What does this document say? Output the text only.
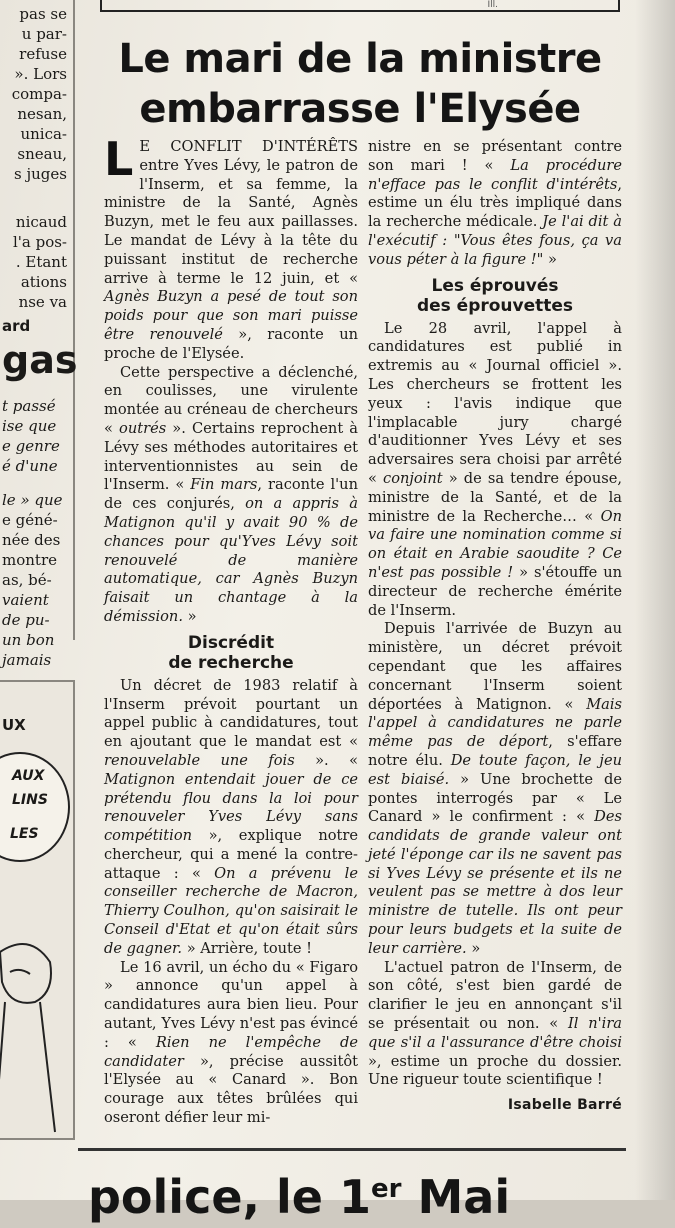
Ill.
pas se
u par-
refuse
». Lors
compa-
nesan,
unica-
sneau,
s juges
nicaud
l'a pos-
. Etant
ations
nse va
ard
gas
t passé
ise que
e genre
é d'une
le » que
e géné-
née des
montre
as, bé-
vaient
de pu-
un bon
jamais
UX
AUX
LINS
LES
Le mari de la ministre
embarrasse l'Elysée

L E CONFLIT D'INTÉRÊTS entre Yves Lévy, le patron de l'Inserm, et sa femme, la ministre de la Santé, Agnès Buzyn, met le feu aux paillasses. Le mandat de Lévy à la tête du puissant institut de recherche arrive à terme le 12 juin, et « Agnès Buzyn a pesé de tout son poids pour que son mari puisse être renouvelé », raconte un proche de l'Elysée.

Cette perspective a déclenché, en coulisses, une virulente montée au créneau de chercheurs « outrés ». Certains reprochent à Lévy ses méthodes autoritaires et interventionnistes au sein de l'Inserm. « Fin mars, raconte l'un de ces conjurés, on a appris à Matignon qu'il y avait 90 % de chances pour qu'Yves Lévy soit renouvelé de manière automatique, car Agnès Buzyn faisait un chantage à la démission. »

Discrédit
de recherche

Un décret de 1983 relatif à l'Inserm prévoit pourtant un appel public à candidatures, tout en ajoutant que le mandat est « renouvelable une fois ». « Matignon entendait jouer de ce prétendu flou dans la loi pour renouveler Yves Lévy sans compétition », explique notre chercheur, qui a mené la contre-attaque : « On a prévenu le conseiller recherche de Macron, Thierry Coulhon, qu'on saisirait le Conseil d'Etat et qu'on était sûrs de gagner. » Arrière, toute !

Le 16 avril, un écho du « Figaro » annonce qu'un appel à candidatures aura bien lieu. Pour autant, Yves Lévy n'est pas évincé : « Rien ne l'empêche de candidater », précise aussitôt l'Elysée au « Canard ». Bon courage aux têtes brûlées qui oseront défier leur mi-

nistre en se présentant contre son mari ! « La procédure n'efface pas le conflit d'intérêts, estime un élu très impliqué dans la recherche médicale. Je l'ai dit à l'exécutif : "Vous êtes fous, ça va vous péter à la figure !" »

Les éprouvés
des éprouvettes

Le 28 avril, l'appel à candidatures est publié in extremis au « Journal officiel ». Les chercheurs se frottent les yeux : l'avis indique que l'implacable jury chargé d'auditionner Yves Lévy et ses adversaires sera choisi par arrêté « conjoint » de sa tendre épouse, ministre de la Santé, et de la ministre de la Recherche… « On va faire une nomination comme si on était en Arabie saoudite ? Ce n'est pas possible ! » s'étouffe un directeur de recherche émérite de l'Inserm.

Depuis l'arrivée de Buzyn au ministère, un décret prévoit cependant que les affaires concernant l'Inserm soient déportées à Matignon. « Mais l'appel à candidatures ne parle même pas de déport, s'effare notre élu. De toute façon, le jeu est biaisé. » Une brochette de pontes interrogés par « Le Canard » le confirment : « Des candidats de grande valeur ont jeté l'éponge car ils ne savent pas si Yves Lévy se présente et ils ne veulent pas se mettre à dos leur ministre de tutelle. Ils ont peur pour leurs budgets et la suite de leur carrière. »

L'actuel patron de l'Inserm, de son côté, s'est bien gardé de clarifier le jeu en annonçant s'il se présentait ou non. « Il n'ira que s'il a l'assurance d'être choisi », estime un proche du dossier. Une rigueur toute scientifique !

Isabelle Barré
police, le 1er Mai
